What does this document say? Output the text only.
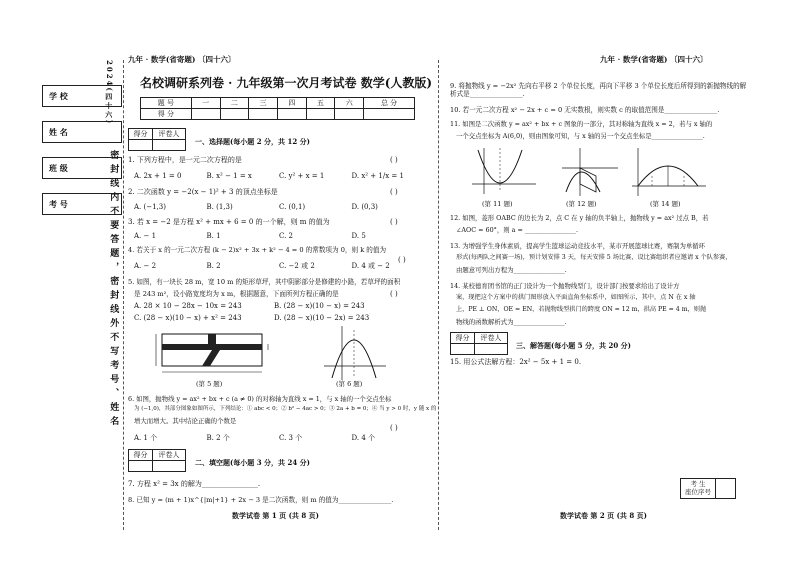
九年 · 数学(省寄题) 〔四十六〕	九年 · 数学(省寄题) 〔四十六〕
学 校
姓 名
班 级
考 号
2024(四十六)
密封线内不要答题，密封线外不写考号、姓名
名校调研系列卷 · 九年级第一次月考试卷 数学(人教版)
题 号	一	二	三	四	五	六	总 分
得 分							
得分	评卷人

一、选择题(每小题 2 分，共 12 分)
1. 下列方程中，是一元二次方程的是	( )
A. 2x + 1 = 0	B. x² − 1 = x	C. y² + x = 1	D. x² + 1/x = 1
2. 二次函数 y = −2(x − 1)² + 3 的顶点坐标是	( )
A. (−1,3)	B. (1,3)	C. (0,1)	D. (0,3)
3. 若 x = −2 是方程 x² + mx + 6 = 0 的一个解，则 m 的值为	( )
A. − 1	B. 1	C. 2	D. 5
4. 若关于 x 的一元二次方程 (k − 2)x² + 3x + k² − 4 = 0 的常数项为 0，则 k 的值为
( )
A. − 2	B. 2	C. −2 或 2	D. 4 或 − 2
5. 如图，有一块长 28 m，宽 10 m 的矩形草坪，其中阴影部分是修建的小路，若草坪的面积
是 243 m²，设小路宽度均为 x m，根据题意，下面所列方程正确的是	( )
A. 28 × 10 − 28x − 10x = 243	B. (28 − x)(10 − x) = 243
C. (28 − x)(10 − x) + x² = 243	D. (28 − x)(10 − 2x) = 243
(第 5 题)	(第 6 题)
6. 如图，抛物线 y = ax² + bx + c (a ≠ 0) 的对称轴为直线 x = 1，与 x 轴的一个交点坐标
为 (−1,0)，其部分图象如图所示，下列结论：① abc < 0；② b² − 4ac > 0；③ 2a + b = 0；④ 当 y > 0 时，y 随 x 的
增大而增大。其中结论正确的个数是
( )
A. 1 个	B. 2 个	C. 3 个	D. 4 个
得分	评卷人

二、填空题(每小题 3 分，共 24 分)
7. 方程 x² = 3x 的解为________________.
8. 已知 y = (m + 1)x^{|m|+1} + 2x − 3 是二次函数，则 m 的值为________________.
数学试卷 第 1 页 (共 8 页)
9. 将抛物线 y = −2x² 先向右平移 2 个单位长度，再向下平移 3 个单位长度后所得到的新抛物线的解析式是________________.
10. 若一元二次方程 x² − 2x + c = 0 无实数根，则实数 c 的取值范围是________________.
11. 如图是二次函数 y = ax² + bx + c 图象的一部分，其对称轴为直线 x = 2，若与 x 轴的
一个交点坐标为 A(6,0)，则由图象可知，与 x 轴的另一个交点坐标是________________.
(第 11 题)	(第 12 题)	(第 14 题)
12. 如图，菱形 OABC 的边长为 2，点 C 在 y 轴的负半轴上，抛物线 y = ax² 过点 B，若
∠AOC = 60°，则 a = ________________.
13. 为增强学生身体素质，提高学生篮球运动竞技水平，某市开展篮球比赛，赛制为单循环
形式(每两队之间赛一场)，预计划安排 3 天，每天安排 5 场比赛，设比赛组织者应邀请 x 个队参赛，
由题意可列出方程为________________.
14. 某校德育团书馆的正门设计为一个抛物线型门，设计部门按要求给出了设计方
案，现把这个方案中的拱门图形放入平面直角坐标系中，如图所示，其中，点 N 在 x 轴
上，PE ⊥ ON，OE = EN，若抛物线型拱门的跨度 ON = 12 m，拱高 PE = 4 m，则抛
物线的函数解析式为________________.
得分	评卷人

三、解答题(每小题 5 分，共 20 分)
15. 用公式法解方程：2x² − 5x + 1 = 0.
考 生
座位序号	
数学试卷 第 2 页 (共 8 页)
